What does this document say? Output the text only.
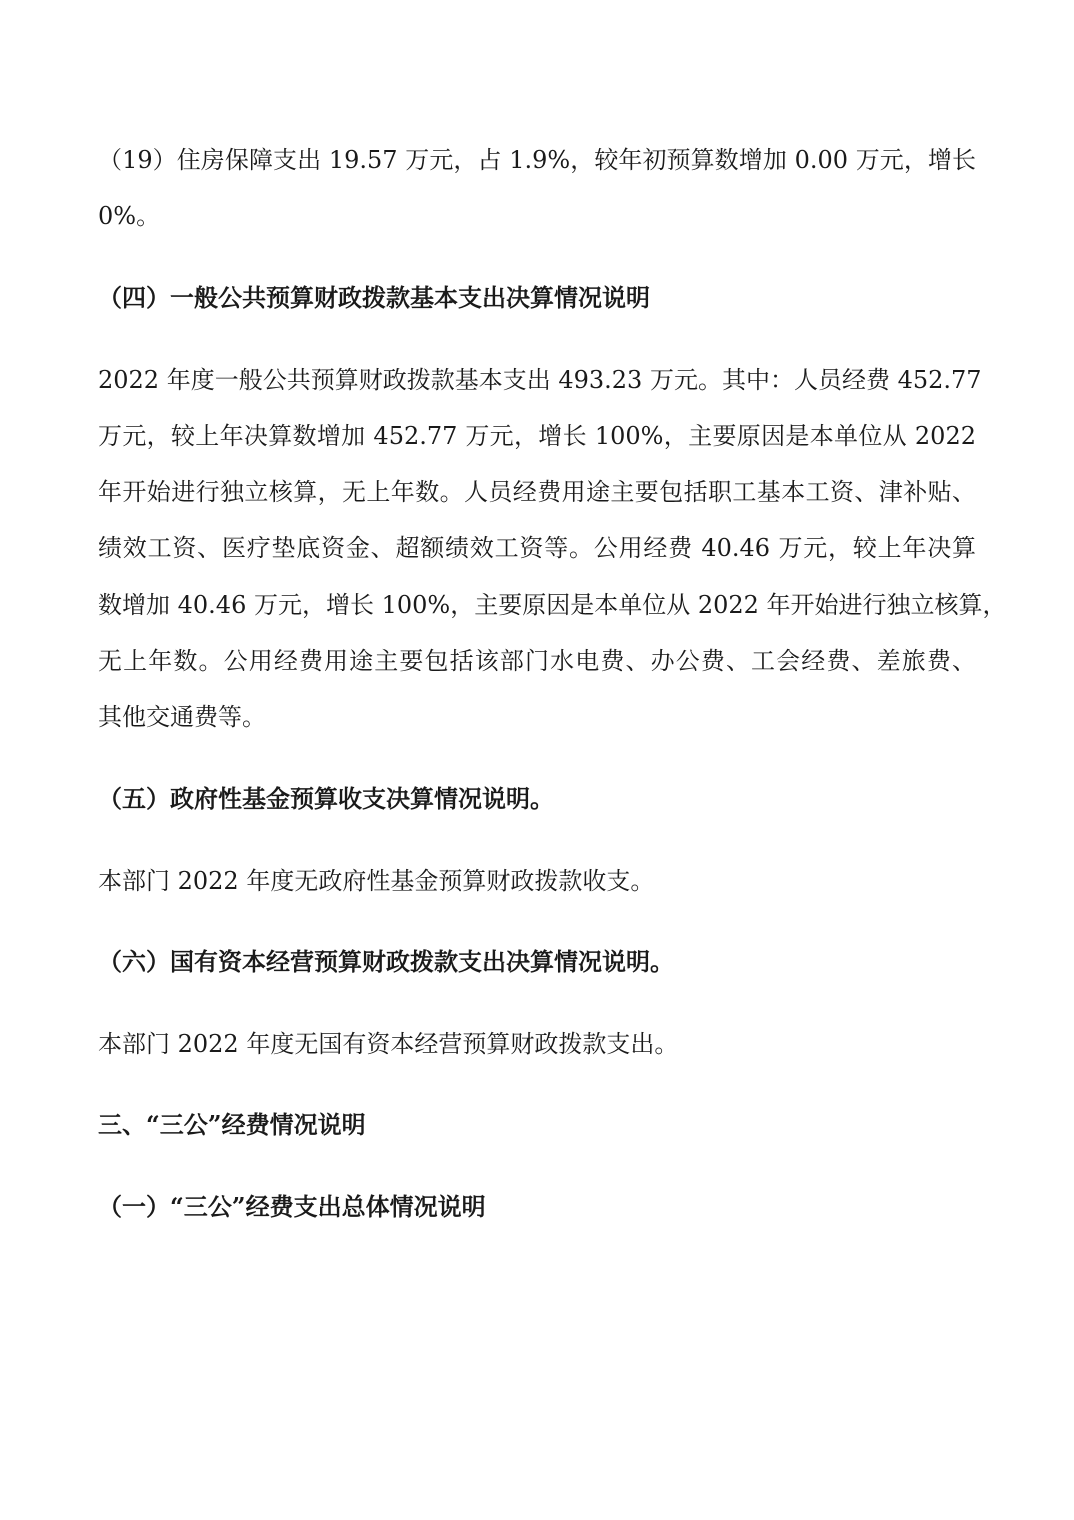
（19）住房保障支出 19.57 万元，占 1.9%，较年初预算数增加 0.00 万元，增长

0%。

（四）一般公共预算财政拨款基本支出决算情况说明

2022 年度一般公共预算财政拨款基本支出 493.23 万元。其中：人员经费 452.77

万元，较上年决算数增加 452.77 万元，增长 100%，主要原因是本单位从 2022

年开始进行独立核算，无上年数。人员经费用途主要包括职工基本工资、津补贴、

绩效工资、医疗垫底资金、超额绩效工资等。公用经费 40.46 万元，较上年决算

数增加 40.46 万元，增长 100%，主要原因是本单位从 2022 年开始进行独立核算，

无上年数。公用经费用途主要包括该部门水电费、办公费、工会经费、差旅费、

其他交通费等。

（五）政府性基金预算收支决算情况说明。

本部门 2022 年度无政府性基金预算财政拨款收支。

（六）国有资本经营预算财政拨款支出决算情况说明。

本部门 2022 年度无国有资本经营预算财政拨款支出。

三、“三公”经费情况说明

（一）“三公”经费支出总体情况说明
